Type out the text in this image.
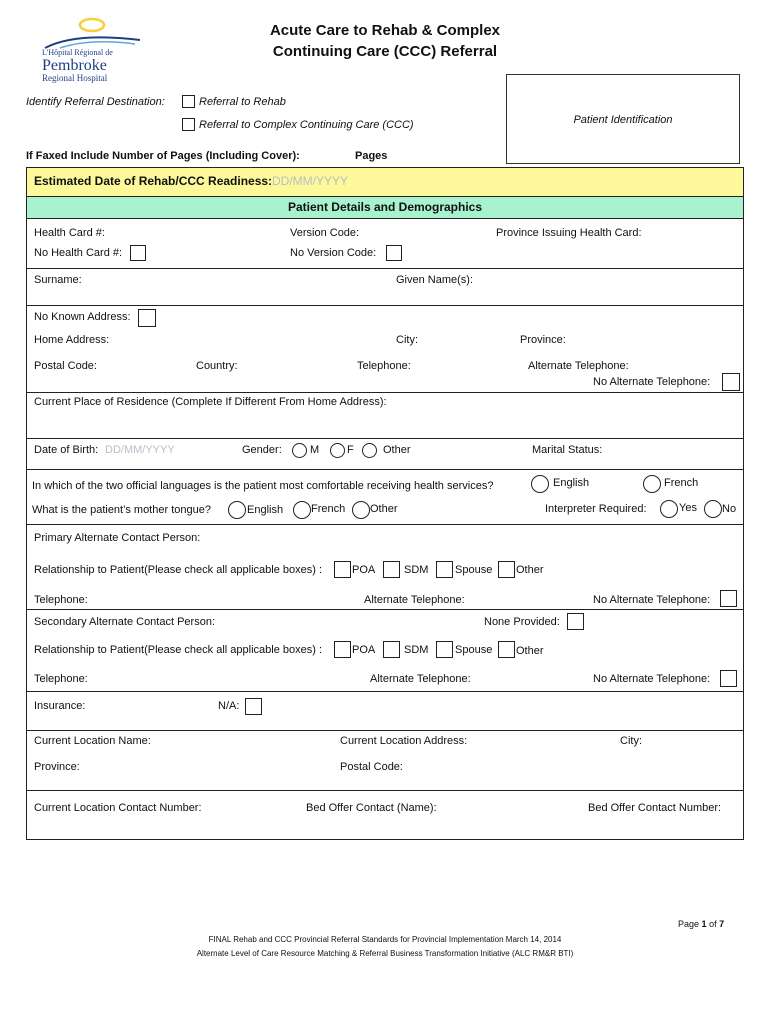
L'Hôpital Régional de
Pembroke
Regional Hospital
Acute Care to Rehab & Complex
Continuing Care (CCC) Referral
Identify Referral Destination:	Referral to Rehab
Referral to Complex Continuing Care (CCC)	Patient Identification
If Faxed Include Number of Pages (Including Cover):	Pages
Estimated Date of Rehab/CCC Readiness: DD/MM/YYYY
Patient Details and Demographics
Health Card #:	Version Code:	Province Issuing Health Card:
No Health Card #:	No Version Code:
Surname:	Given Name(s):
No Known Address:
Home Address:	City:	Province:
Postal Code:	Country:	Telephone:	Alternate Telephone:
No Alternate Telephone:
Current Place of Residence (Complete If Different From Home Address):
Date of Birth: DD/MM/YYYY	Gender:	M	F	Other	Marital Status:
In which of the two official languages is the patient most comfortable receiving health services?	English	French
What is the patient’s mother tongue?	English	French Other	Interpreter Required:	Yes No
Primary Alternate Contact Person:
Relationship to Patient(Please check all applicable boxes) :	POA	SDM Spouse Other
Telephone:	Alternate Telephone:	No Alternate Telephone:
Secondary Alternate Contact Person:	None Provided:
Relationship to Patient(Please check all applicable boxes) :	POA	SDM Spouse Other
Telephone:	Alternate Telephone:	No Alternate Telephone:
Insurance:	N/A:
Current Location Name:	Current Location Address:	City:
Province:	Postal Code:
Current Location Contact Number:	Bed Offer Contact (Name):	Bed Offer Contact Number:
Page 1 of 7
FINAL Rehab and CCC Provincial Referral Standards for Provincial Implementation March 14, 2014
Alternate Level of Care Resource Matching & Referral Business Transformation Initiative (ALC RM&R BTI)
